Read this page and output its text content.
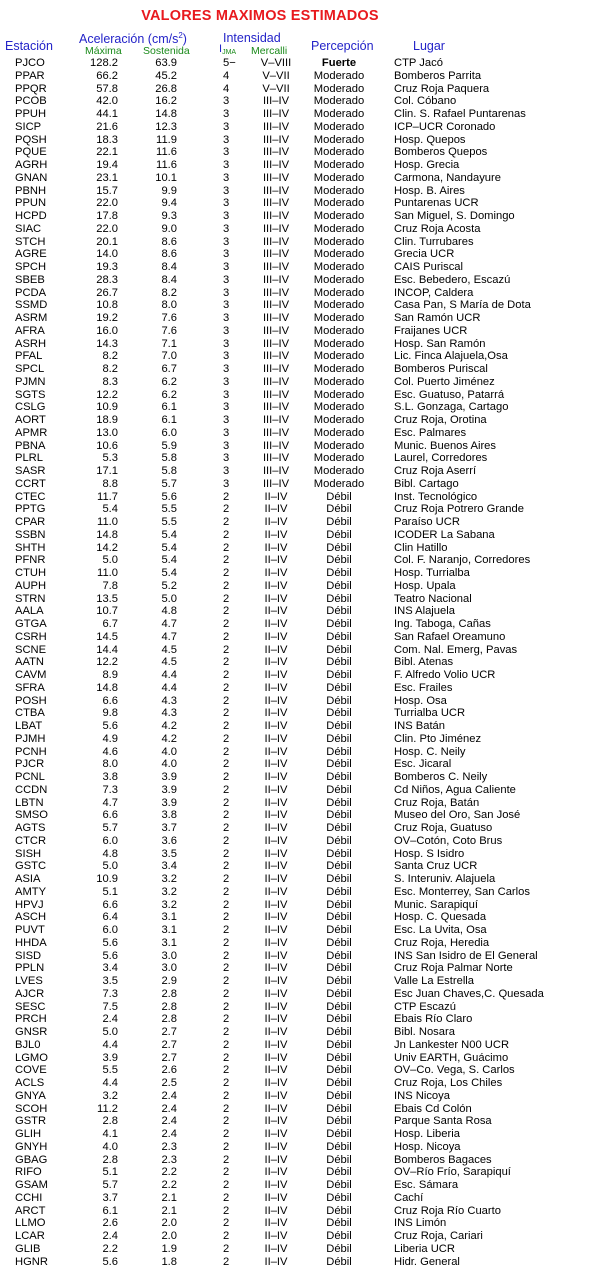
VALORES MAXIMOS ESTIMADOS
Estación Aceleración $(cm/s^2)$
Máxima Sostenida
Intensidad
IJMA Mercalli Percepción	Lugar
PJCO	128.2	63.9	5− V–VIII	Fuerte	CTP Jacó
PPAR	66.2	45.2	4	V–VII Moderado	Bomberos Parrita
PPQR	57.8	26.8	4	V–VII Moderado	Cruz Roja Paquera
PCOB	42.0	16.2	3	III–IV Moderado	Col. Cóbano
PPUH	44.1	14.8	3	III–IV Moderado	Clin. S. Rafael Puntarenas
SICP	21.6	12.3	3	III–IV Moderado	ICP–UCR Coronado
PQSH	18.3	11.9	3	III–IV Moderado	Hosp. Quepos
PQUE	22.1	11.6	3	III–IV Moderado	Bomberos Quepos
AGRH	19.4	11.6	3	III–IV Moderado	Hosp. Grecia
GNAN	23.1	10.1	3	III–IV Moderado	Carmona, Nandayure
PBNH	15.7	9.9	3	III–IV Moderado	Hosp. B. Aires
PPUN	22.0	9.4	3	III–IV Moderado	Puntarenas UCR
HCPD	17.8	9.3	3	III–IV Moderado	San Miguel, S. Domingo
SIAC	22.0	9.0	3	III–IV Moderado	Cruz Roja Acosta
STCH	20.1	8.6	3	III–IV Moderado	Clin. Turrubares
AGRE	14.0	8.6	3	III–IV Moderado	Grecia UCR
SPCH	19.3	8.4	3	III–IV Moderado	CAIS Puriscal
SBEB	28.3	8.4	3	III–IV Moderado	Esc. Bebedero, Escazú
PCDA	26.7	8.2	3	III–IV Moderado	INCOP, Caldera
SSMD	10.8	8.0	3	III–IV Moderado	Casa Pan, S María de Dota
ASRM	19.2	7.6	3	III–IV Moderado	San Ramón UCR
AFRA	16.0	7.6	3	III–IV Moderado	Fraijanes UCR
ASRH	14.3	7.1	3	III–IV Moderado	Hosp. San Ramón
PFAL	8.2	7.0	3	III–IV Moderado	Lic. Finca Alajuela,Osa
SPCL	8.2	6.7	3	III–IV Moderado	Bomberos Puriscal
PJMN	8.3	6.2	3	III–IV Moderado	Col. Puerto Jiménez
SGTS	12.2	6.2	3	III–IV Moderado	Esc. Guatuso, Patarrá
CSLG	10.9	6.1	3	III–IV Moderado	S.L. Gonzaga, Cartago
AORT	18.9	6.1	3	III–IV Moderado	Cruz Roja, Orotina
APMR	13.0	6.0	3	III–IV Moderado	Esc. Palmares
PBNA	10.6	5.9	3	III–IV Moderado	Munic. Buenos Aires
PLRL	5.3	5.8	3	III–IV Moderado	Laurel, Corredores
SASR	17.1	5.8	3	III–IV Moderado	Cruz Roja Aserrí
CCRT	8.8	5.7	3	III–IV Moderado	Bibl. Cartago
CTEC	11.7	5.6	2	II–IV	Débil	Inst. Tecnológico
PPTG	5.4	5.5	2	II–IV	Débil	Cruz Roja Potrero Grande
CPAR	11.0	5.5	2	II–IV	Débil	Paraíso UCR
SSBN	14.8	5.4	2	II–IV	Débil	ICODER La Sabana
SHTH	14.2	5.4	2	II–IV	Débil	Clin Hatillo
PFNR	5.0	5.4	2	II–IV	Débil	Col. F. Naranjo, Corredores
CTUH	11.0	5.4	2	II–IV	Débil	Hosp. Turrialba
AUPH	7.8	5.2	2	II–IV	Débil	Hosp. Upala
STRN	13.5	5.0	2	II–IV	Débil	Teatro Nacional
AALA	10.7	4.8	2	II–IV	Débil	INS Alajuela
GTGA	6.7	4.7	2	II–IV	Débil	Ing. Taboga, Cañas
CSRH	14.5	4.7	2	II–IV	Débil	San Rafael Oreamuno
SCNE	14.4	4.5	2	II–IV	Débil	Com. Nal. Emerg, Pavas
AATN	12.2	4.5	2	II–IV	Débil	Bibl. Atenas
CAVM	8.9	4.4	2	II–IV	Débil	F. Alfredo Volio UCR
SFRA	14.8	4.4	2	II–IV	Débil	Esc. Frailes
POSH	6.6	4.3	2	II–IV	Débil	Hosp. Osa
CTBA	9.8	4.3	2	II–IV	Débil	Turrialba UCR
LBAT	5.6	4.2	2	II–IV	Débil	INS Batán
PJMH	4.9	4.2	2	II–IV	Débil	Clin. Pto Jiménez
PCNH	4.6	4.0	2	II–IV	Débil	Hosp. C. Neily
PJCR	8.0	4.0	2	II–IV	Débil	Esc. Jicaral
PCNL	3.8	3.9	2	II–IV	Débil	Bomberos C. Neily
CCDN	7.3	3.9	2	II–IV	Débil	Cd Niños, Agua Caliente
LBTN	4.7	3.9	2	II–IV	Débil	Cruz Roja, Batán
SMSO	6.6	3.8	2	II–IV	Débil	Museo del Oro, San José
AGTS	5.7	3.7	2	II–IV	Débil	Cruz Roja, Guatuso
CTCR	6.0	3.6	2	II–IV	Débil	OV–Cotón, Coto Brus
SISH	4.8	3.5	2	II–IV	Débil	Hosp. S Isidro
GSTC	5.0	3.4	2	II–IV	Débil	Santa Cruz UCR
ASIA	10.9	3.2	2	II–IV	Débil	S. Interuniv. Alajuela
AMTY	5.1	3.2	2	II–IV	Débil	Esc. Monterrey, San Carlos
HPVJ	6.6	3.2	2	II–IV	Débil	Munic. Sarapiquí
ASCH	6.4	3.1	2	II–IV	Débil	Hosp. C. Quesada
PUVT	6.0	3.1	2	II–IV	Débil	Esc. La Uvita, Osa
HHDA	5.6	3.1	2	II–IV	Débil	Cruz Roja, Heredia
SISD	5.6	3.0	2	II–IV	Débil	INS San Isidro de El General
PPLN	3.4	3.0	2	II–IV	Débil	Cruz Roja Palmar Norte
LVES	3.5	2.9	2	II–IV	Débil	Valle La Estrella
AJCR	7.3	2.8	2	II–IV	Débil	Esc Juan Chaves,C. Quesada
SESC	7.5	2.8	2	II–IV	Débil	CTP Escazú
PRCH	2.4	2.8	2	II–IV	Débil	Ebais Río Claro
GNSR	5.0	2.7	2	II–IV	Débil	Bibl. Nosara
BJL0	4.4	2.7	2	II–IV	Débil	Jn Lankester N00 UCR
LGMO	3.9	2.7	2	II–IV	Débil	Univ EARTH, Guácimo
COVE	5.5	2.6	2	II–IV	Débil	OV–Co. Vega, S. Carlos
ACLS	4.4	2.5	2	II–IV	Débil	Cruz Roja, Los Chiles
GNYA	3.2	2.4	2	II–IV	Débil	INS Nicoya
SCOH	11.2	2.4	2	II–IV	Débil	Ebais Cd Colón
GSTR	2.8	2.4	2	II–IV	Débil	Parque Santa Rosa
GLIH	4.1	2.4	2	II–IV	Débil	Hosp. Liberia
GNYH	4.0	2.3	2	II–IV	Débil	Hosp. Nicoya
GBAG	2.8	2.3	2	II–IV	Débil	Bomberos Bagaces
RIFO	5.1	2.2	2	II–IV	Débil	OV–Río Frío, Sarapiquí
GSAM	5.7	2.2	2	II–IV	Débil	Esc. Sámara
CCHI	3.7	2.1	2	II–IV	Débil	Cachí
ARCT	6.1	2.1	2	II–IV	Débil	Cruz Roja Río Cuarto
LLMO	2.6	2.0	2	II–IV	Débil	INS Limón
LCAR	2.4	2.0	2	II–IV	Débil	Cruz Roja, Cariari
GLIB	2.2	1.9	2	II–IV	Débil	Liberia UCR
HGNR	5.6	1.8	2	II–IV	Débil	Hidr. General
